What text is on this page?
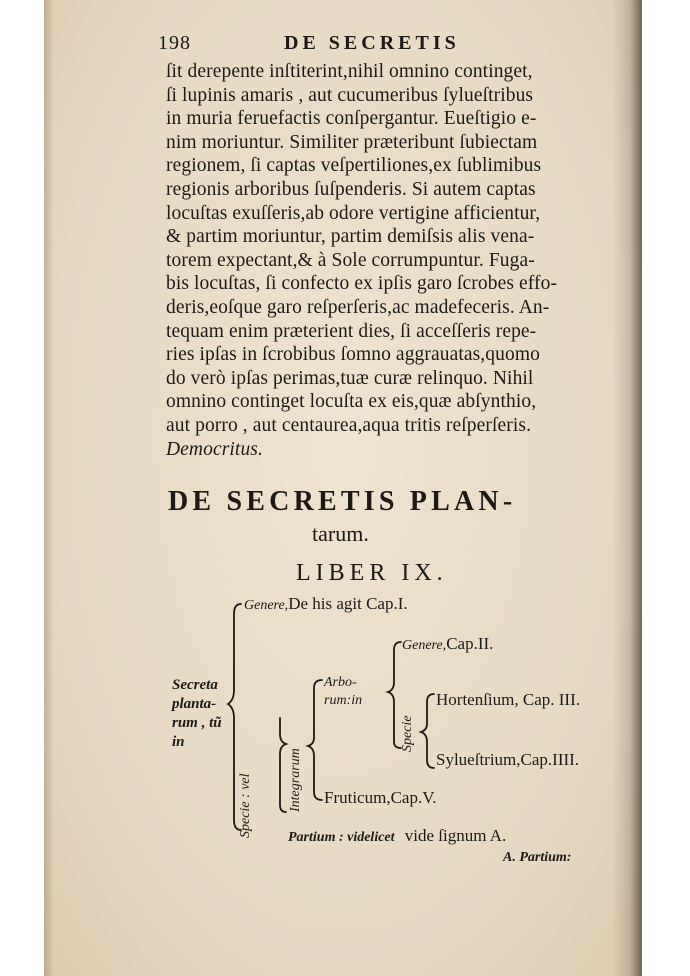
198	DE SECRETIS
ſit derepente inſtiterint,nihil omnino continget,
ſi lupinis amaris , aut cucumeribus ſylueſtribus
in muria feruefactis conſpergantur. Eueſtigio e-
nim moriuntur. Similiter præteribunt ſubiectam
regionem, ſi captas veſpertiliones,ex ſublimibus
regionis arboribus ſuſpenderis. Si autem captas
locuſtas exuſſeris,ab odore vertigine afficientur,
& partim moriuntur, partim demiſsis alis vena-
torem expectant,& à Sole corrumpuntur. Fuga-
bis locuſtas, ſi confecto ex ipſis garo ſcrobes effo-
deris,eoſque garo reſperſeris,ac madefeceris. An-
tequam enim præterient dies, ſi acceſſeris repe-
ries ipſas in ſcrobibus ſomno aggrauatas,quomo
do verò ipſas perimas,tuæ curæ relinquo. Nihil
omnino continget locuſta ex eis,quæ abſynthio,
aut porro , aut centaurea,aqua tritis reſperſeris.
Democritus.
DE SECRETIS PLAN-
tarum.
LIBER IX.
Secreta
planta-
rum , tũ
in
Genere,De his agit Cap.I.
Specie : vel	Integrarum
Arbo-
rum:in
Genere,Cap.II.
Specie
Hortenſium, Cap. III.
Sylueſtrium,Cap.IIII.
Fruticum,Cap.V.
Partium : videlicet vide ſignum A.
A. Partium:
